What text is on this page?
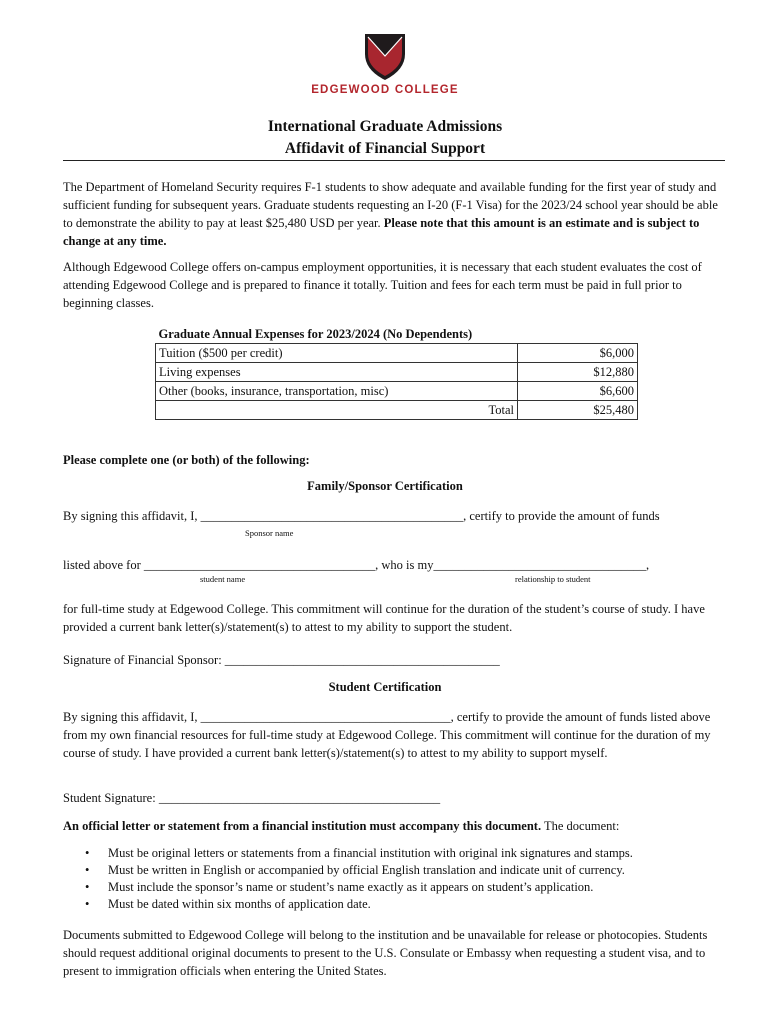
EDGEWOOD COLLEGE
International Graduate Admissions
Affidavit of Financial Support
The Department of Homeland Security requires F-1 students to show adequate and available funding for the first year of study and sufficient funding for subsequent years. Graduate students requesting an I-20 (F-1 Visa) for the 2023/24 school year should be able to demonstrate the ability to pay at least $25,480 USD per year. Please note that this amount is an estimate and is subject to change at any time.
Although Edgewood College offers on-campus employment opportunities, it is necessary that each student evaluates the cost of attending Edgewood College and is prepared to finance it totally. Tuition and fees for each term must be paid in full prior to beginning classes.
Graduate Annual Expenses for 2023/2024 (No Dependents)	
Tuition ($500 per credit)	$6,000
Living expenses	$12,880
Other (books, insurance, transportation, misc)	$6,600
Total	$25,480
Please complete one (or both) of the following:
Family/Sponsor Certification
By signing this affidavit, I, __________________________________________, certify to provide the amount of funds
Sponsor name
listed above for _____________________________________, who is my__________________________________,
student name	relationship to student
for full-time study at Edgewood College. This commitment will continue for the duration of the student’s course of study. I have provided a current bank letter(s)/statement(s) to attest to my ability to support the student.
Signature of Financial Sponsor: ____________________________________________
Student Certification
By signing this affidavit, I, ________________________________________, certify to provide the amount of funds listed above from my own financial resources for full-time study at Edgewood College. This commitment will continue for the duration of my course of study. I have provided a current bank letter(s)/statement(s) to attest to my ability to support myself.
Student Signature: _____________________________________________
An official letter or statement from a financial institution must accompany this document. The document:
• Must be original letters or statements from a financial institution with original ink signatures and stamps.
• Must be written in English or accompanied by official English translation and indicate unit of currency.
• Must include the sponsor’s name or student’s name exactly as it appears on student’s application.
• Must be dated within six months of application date.
Documents submitted to Edgewood College will belong to the institution and be unavailable for release or photocopies. Students should request additional original documents to present to the U.S. Consulate or Embassy when requesting a student visa, and to present to immigration officials when entering the United States.
